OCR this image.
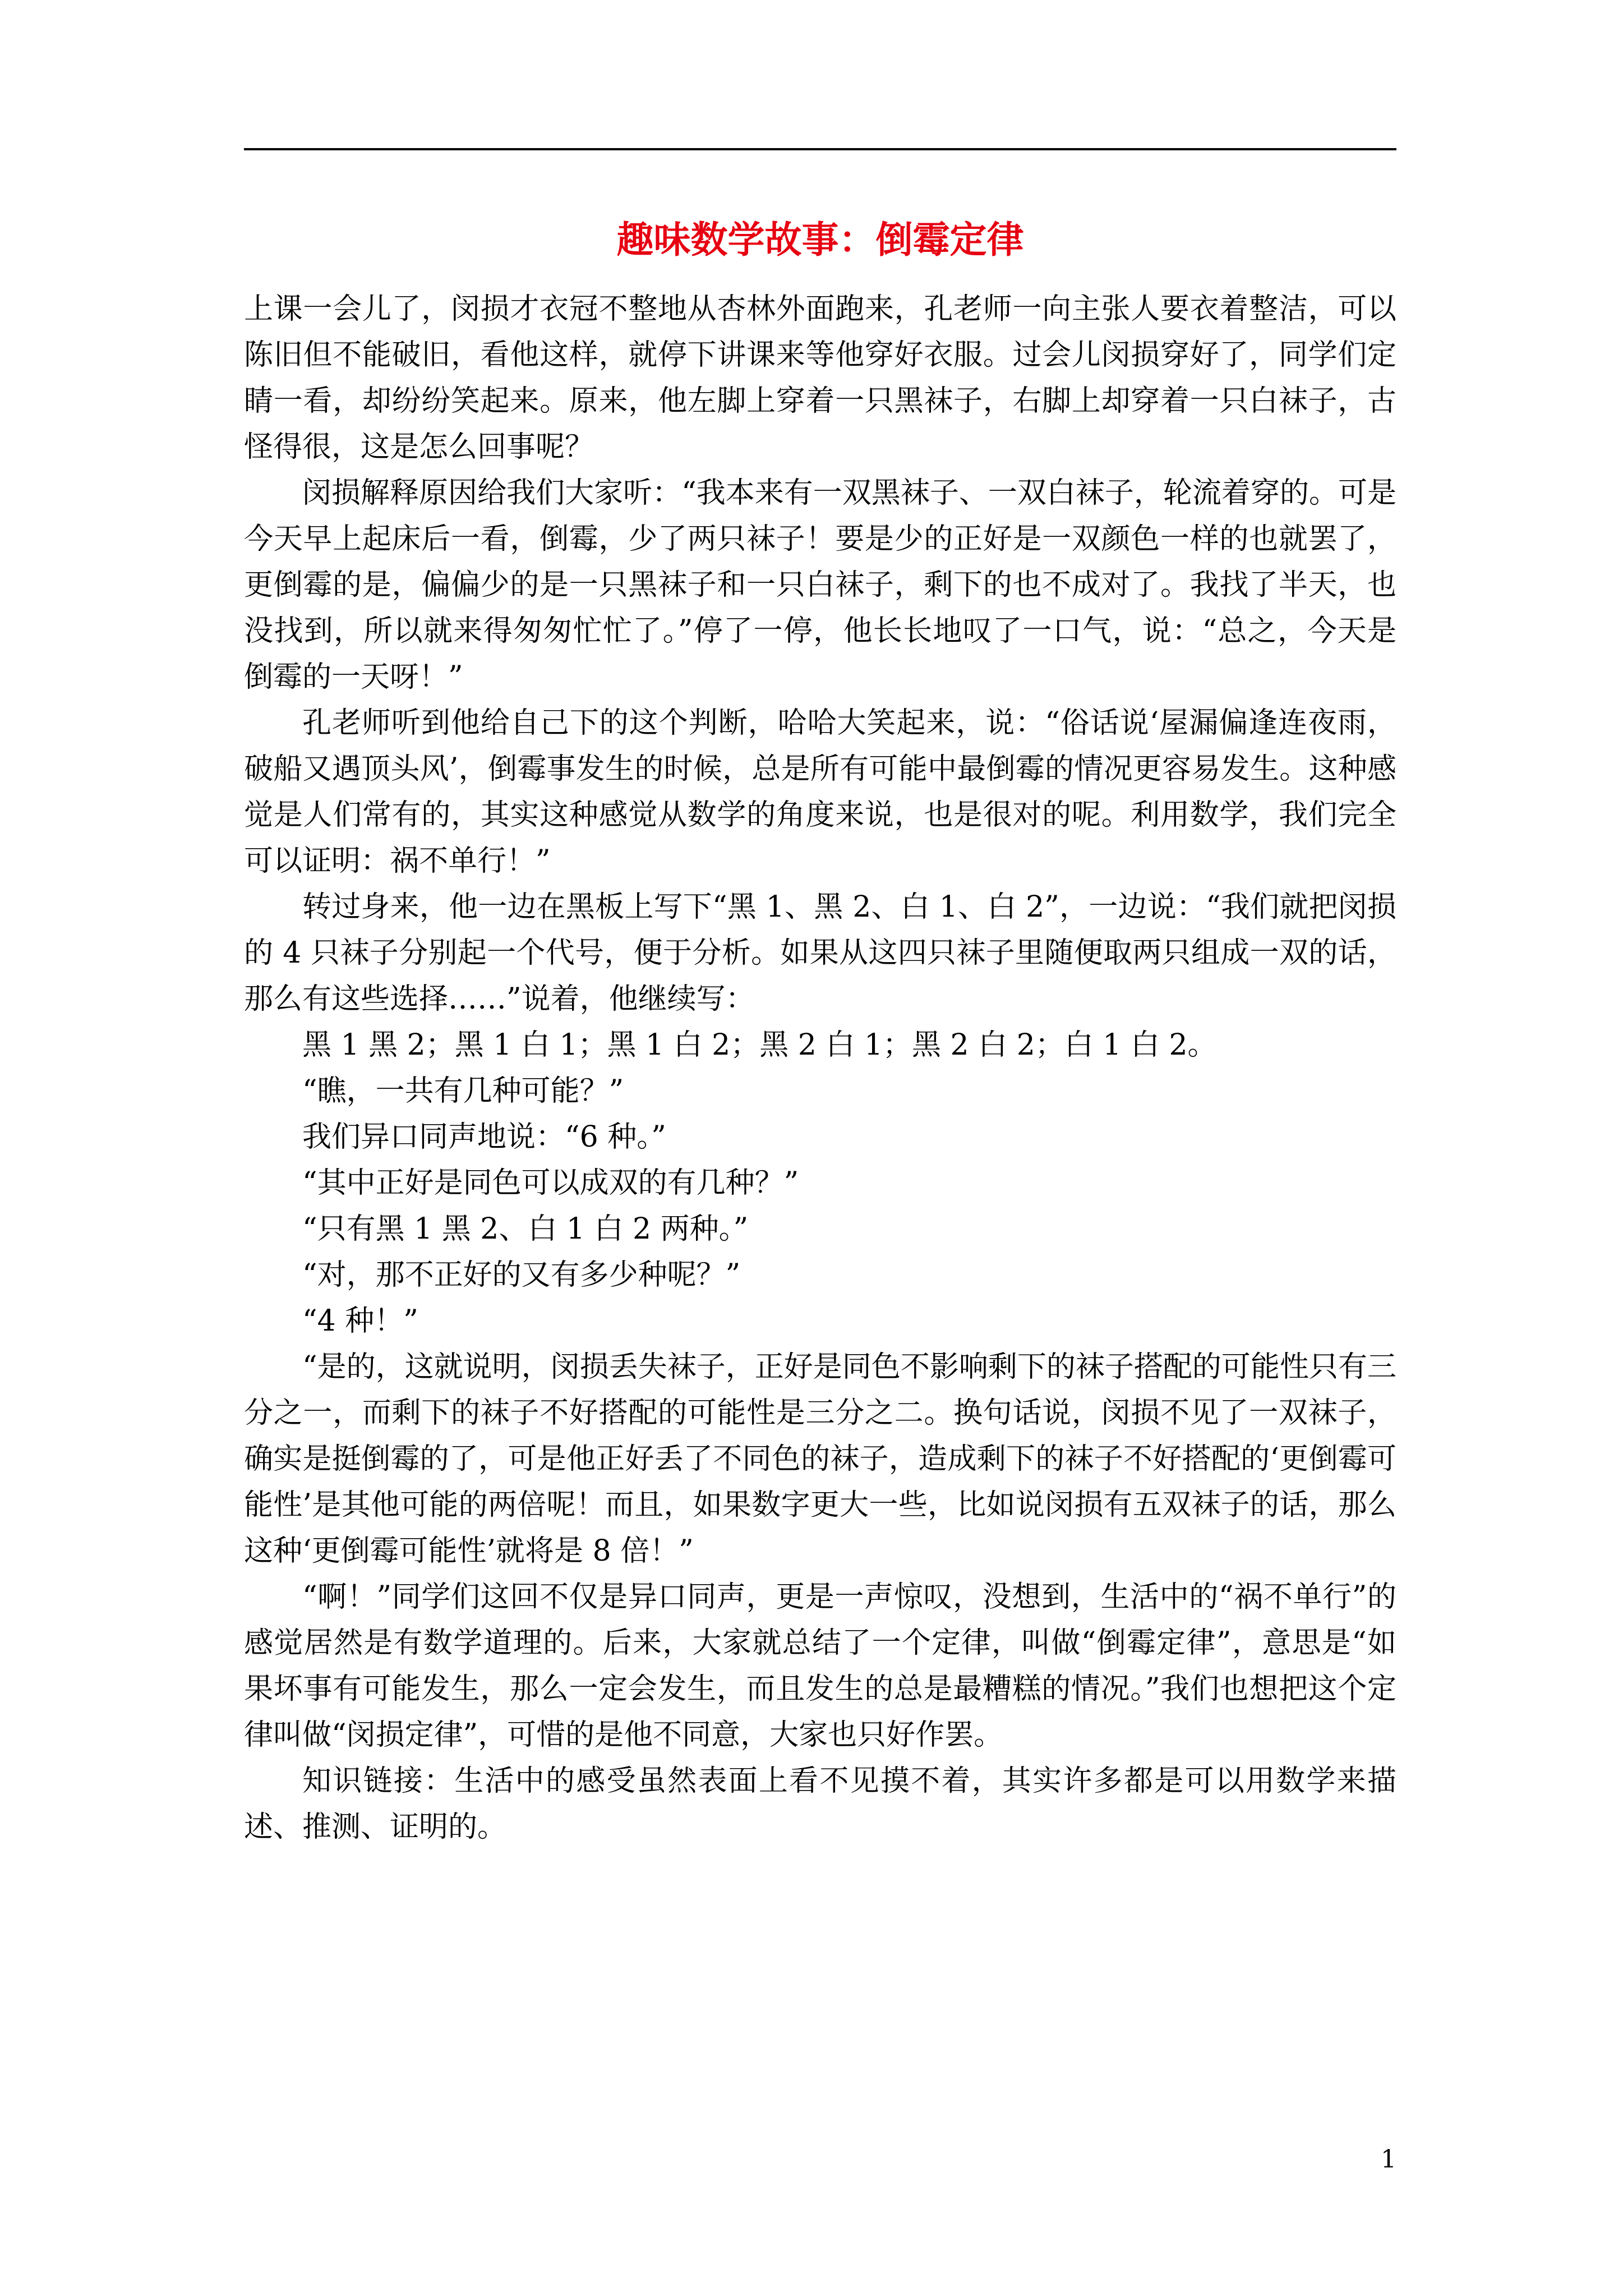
趣味数学故事：倒霉定律

上课一会儿了，闵损才衣冠不整地从杏林外面跑来，孔老师一向主张人要衣着整洁，可以陈旧但不能破旧，看他这样，就停下讲课来等他穿好衣服。过会儿闵损穿好了，同学们定睛一看，却纷纷笑起来。原来，他左脚上穿着一只黑袜子，右脚上却穿着一只白袜子，古怪得很，这是怎么回事呢？

闵损解释原因给我们大家听：“我本来有一双黑袜子、一双白袜子，轮流着穿的。可是今天早上起床后一看，倒霉，少了两只袜子！要是少的正好是一双颜色一样的也就罢了，更倒霉的是，偏偏少的是一只黑袜子和一只白袜子，剩下的也不成对了。我找了半天，也没找到，所以就来得匆匆忙忙了。”停了一停，他长长地叹了一口气，说：“总之，今天是倒霉的一天呀！”

孔老师听到他给自己下的这个判断，哈哈大笑起来，说：“俗话说‘屋漏偏逢连夜雨，破船又遇顶头风’，倒霉事发生的时候，总是所有可能中最倒霉的情况更容易发生。这种感觉是人们常有的，其实这种感觉从数学的角度来说，也是很对的呢。利用数学，我们完全可以证明：祸不单行！”

转过身来，他一边在黑板上写下“黑 1、黑 2、白 1、白 2”，一边说：“我们就把闵损的 4 只袜子分别起一个代号，便于分析。如果从这四只袜子里随便取两只组成一双的话，那么有这些选择……”说着，他继续写：

黑 1 黑 2；黑 1 白 1；黑 1 白 2；黑 2 白 1；黑 2 白 2；白 1 白 2。

“瞧，一共有几种可能？”

我们异口同声地说：“6 种。”

“其中正好是同色可以成双的有几种？”

“只有黑 1 黑 2、白 1 白 2 两种。”

“对，那不正好的又有多少种呢？”

“4 种！”

“是的，这就说明，闵损丢失袜子，正好是同色不影响剩下的袜子搭配的可能性只有三分之一，而剩下的袜子不好搭配的可能性是三分之二。换句话说，闵损不见了一双袜子，确实是挺倒霉的了，可是他正好丢了不同色的袜子，造成剩下的袜子不好搭配的‘更倒霉可能性’是其他可能的两倍呢！而且，如果数字更大一些，比如说闵损有五双袜子的话，那么这种‘更倒霉可能性’就将是 8 倍！”

“啊！”同学们这回不仅是异口同声，更是一声惊叹，没想到，生活中的“祸不单行”的感觉居然是有数学道理的。后来，大家就总结了一个定律，叫做“倒霉定律”，意思是“如果坏事有可能发生，那么一定会发生，而且发生的总是最糟糕的情况。”我们也想把这个定律叫做“闵损定律”，可惜的是他不同意，大家也只好作罢。

知识链接：生活中的感受虽然表面上看不见摸不着，其实许多都是可以用数学来描述、推测、证明的。

1
